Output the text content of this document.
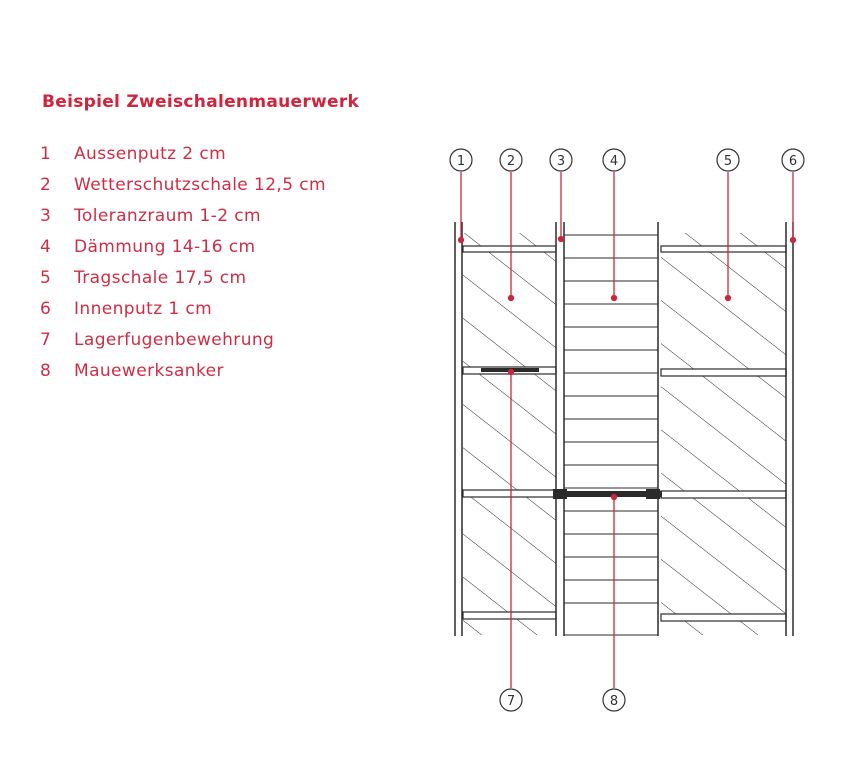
Beispiel Zweischalenmauerwerk
1	Aussenputz 2 cm
2	Wetterschutzschale 12,5 cm
3	Toleranzraum 1-2 cm
4	Dämmung 14-16 cm
5	Tragschale 17,5 cm
6	Innenputz 1 cm
7	Lagerfugenbewehrung
8	Mauewerksanker
1	2	3	4	5	6
7	8
